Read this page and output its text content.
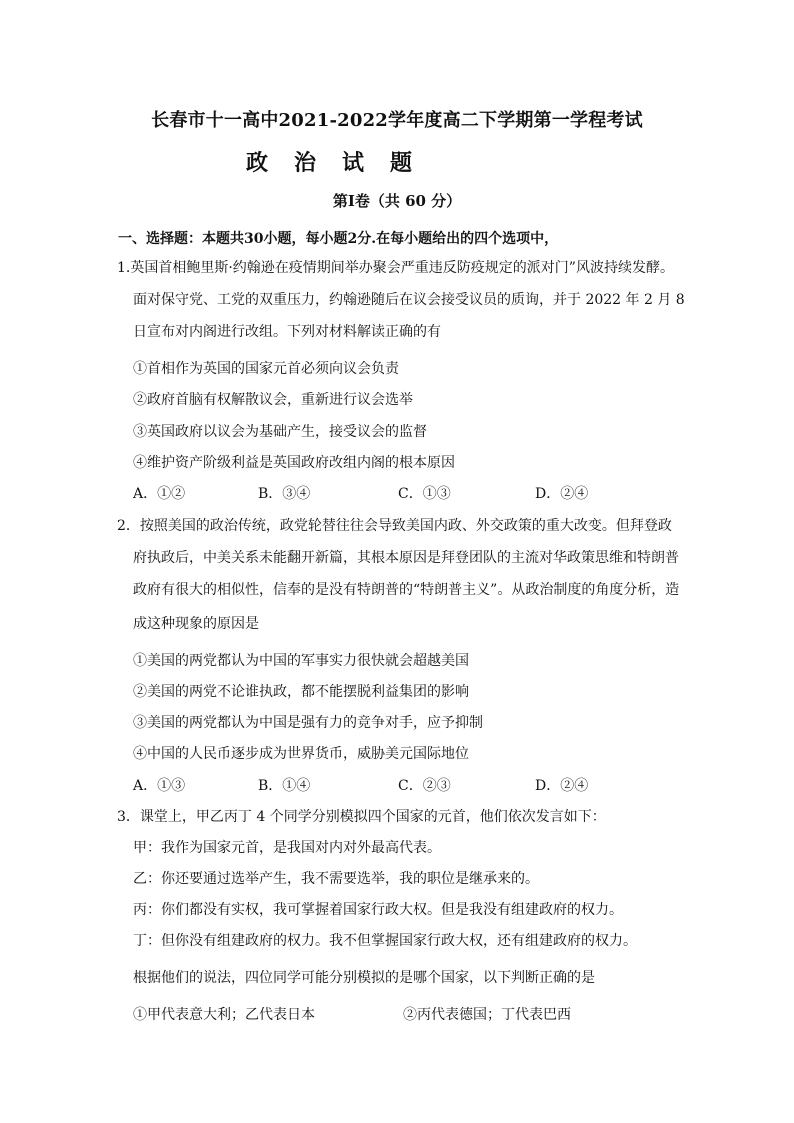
长春市十一高中2021-2022学年度高二下学期第一学程考试
政治试题
第Ⅰ卷（共 60 分）
一、选择题：本题共30小题，每小题2分.在每小题给出的四个选项中，
1.英国首相鲍里斯·约翰逊在疫情期间举办聚会严重违反防疫规定的派对门”风波持续发酵。
面对保守党、工党的双重压力，约翰逊随后在议会接受议员的质询，并于 2022 年 2 月 8
日宣布对内阁进行改组。下列对材料解读正确的有
①首相作为英国的国家元首必须向议会负责
②政府首脑有权解散议会，重新进行议会选举
③英国政府以议会为基础产生，接受议会的监督
④维护资产阶级利益是英国政府改组内阁的根本原因
A．①②	B．③④	C．①③	D．②④
2．按照美国的政治传统，政党轮替往往会导致美国内政、外交政策的重大改变。但拜登政
府执政后，中美关系未能翻开新篇，其根本原因是拜登团队的主流对华政策思维和特朗普
政府有很大的相似性，信奉的是没有特朗普的“特朗普主义”。从政治制度的角度分析，造
成这种现象的原因是
①美国的两党都认为中国的军事实力很快就会超越美国
②美国的两党不论谁执政，都不能摆脱利益集团的影响
③美国的两党都认为中国是强有力的竞争对手，应予抑制
④中国的人民币逐步成为世界货币，威胁美元国际地位
A．①③	B．①④	C．②③	D．②④
3．课堂上，甲乙丙丁 4 个同学分别模拟四个国家的元首，他们依次发言如下：
甲：我作为国家元首，是我国对内对外最高代表。
乙：你还要通过选举产生，我不需要选举，我的职位是继承来的。
丙：你们都没有实权，我可掌握着国家行政大权。但是我没有组建政府的权力。
丁：但你没有组建政府的权力。我不但掌握国家行政大权，还有组建政府的权力。
根据他们的说法，四位同学可能分别模拟的是哪个国家，以下判断正确的是
①甲代表意大利；乙代表日本	②丙代表德国；丁代表巴西
